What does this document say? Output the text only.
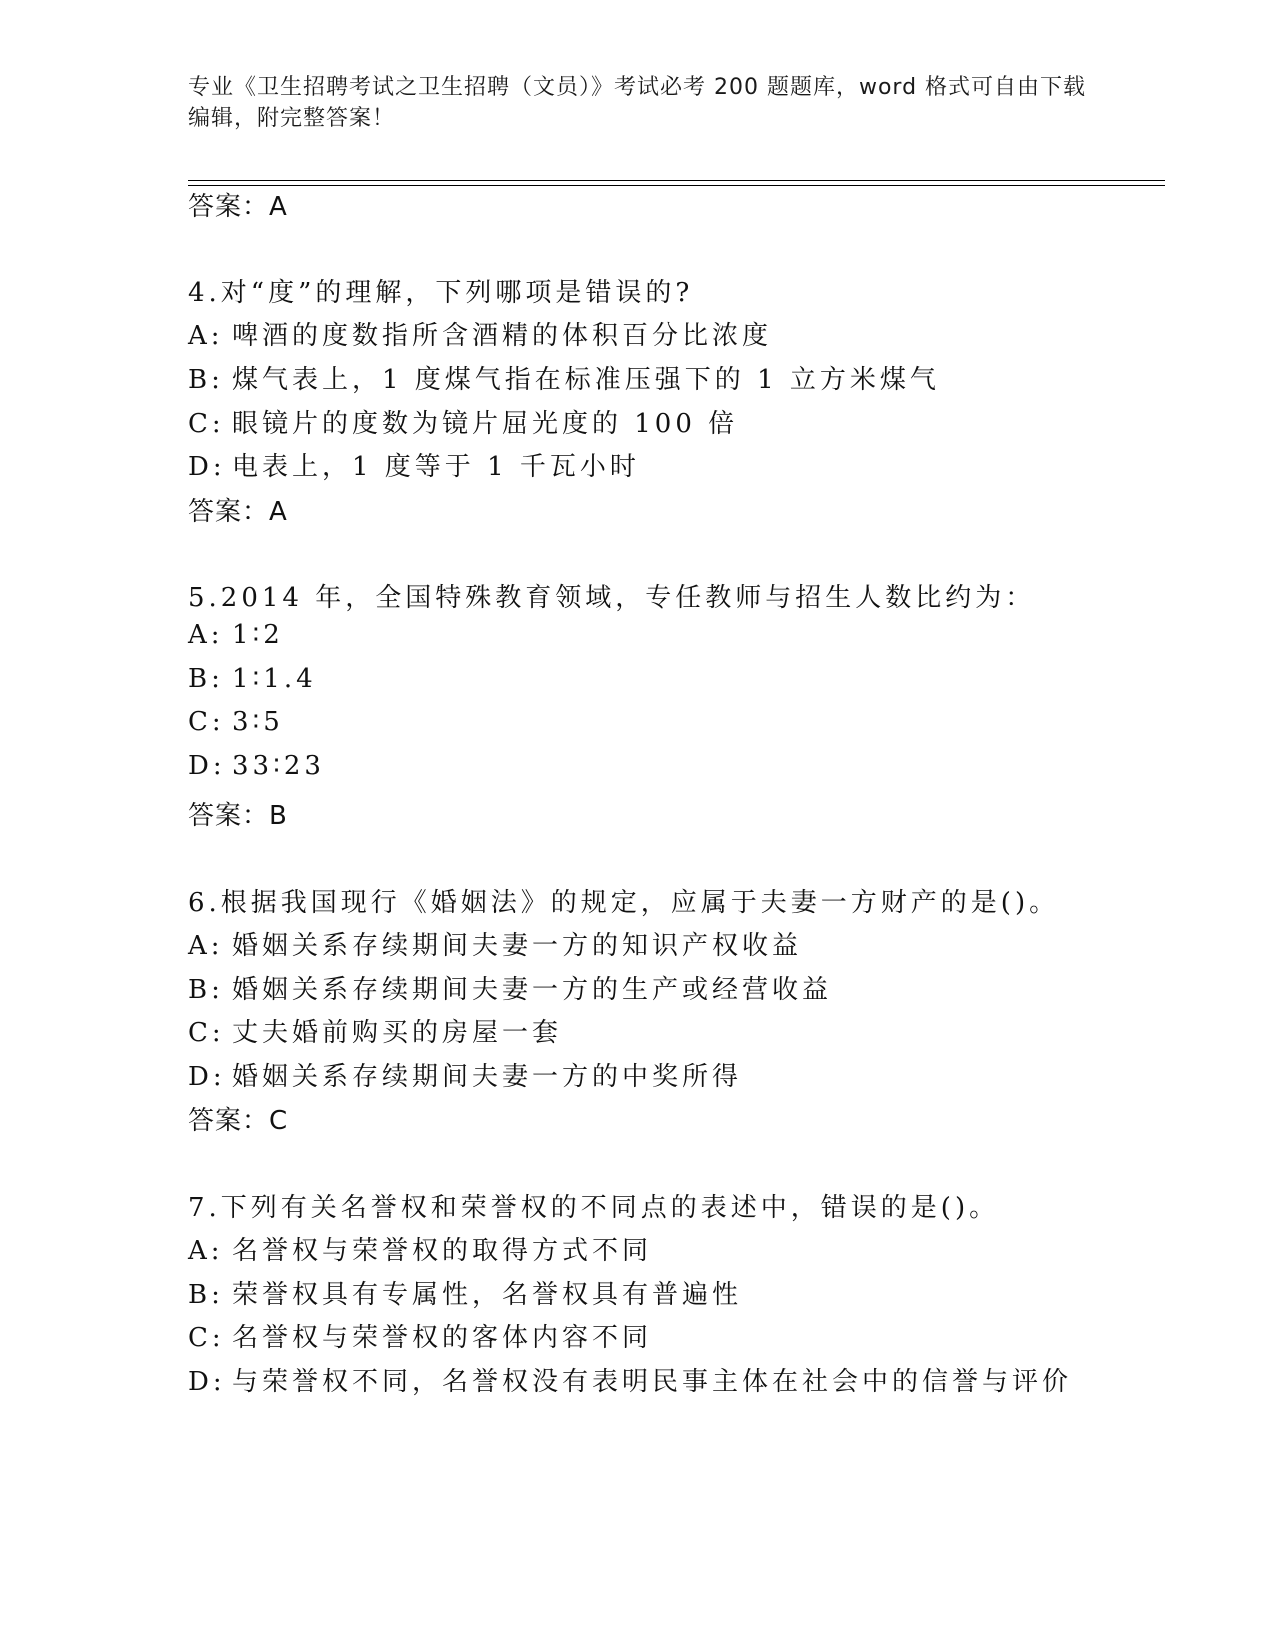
专业《卫生招聘考试之卫生招聘（文员）》考试必考 200 题题库，word 格式可自由下载编辑，附完整答案！
答案：A
4.对“度”的理解，下列哪项是错误的?
A: 啤酒的度数指所含酒精的体积百分比浓度
B: 煤气表上，1 度煤气指在标准压强下的 1 立方米煤气
C: 眼镜片的度数为镜片屈光度的 100 倍
D: 电表上，1 度等于 1 千瓦小时
答案：A
5.2014 年，全国特殊教育领域，专任教师与招生人数比约为：
A: 1∶2
B: 1∶1.4
C: 3∶5
D: 33∶23
答案：B
6.根据我国现行《婚姻法》的规定，应属于夫妻一方财产的是()。
A: 婚姻关系存续期间夫妻一方的知识产权收益
B: 婚姻关系存续期间夫妻一方的生产或经营收益
C: 丈夫婚前购买的房屋一套
D: 婚姻关系存续期间夫妻一方的中奖所得
答案：C
7.下列有关名誉权和荣誉权的不同点的表述中，错误的是()。
A: 名誉权与荣誉权的取得方式不同
B: 荣誉权具有专属性，名誉权具有普遍性
C: 名誉权与荣誉权的客体内容不同
D: 与荣誉权不同，名誉权没有表明民事主体在社会中的信誉与评价
